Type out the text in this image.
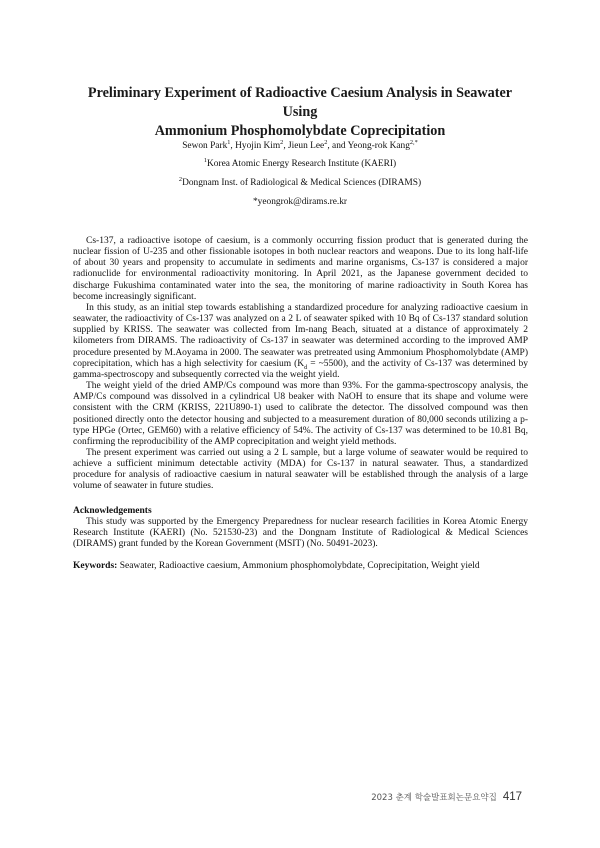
Preliminary Experiment of Radioactive Caesium Analysis in Seawater Using
Ammonium Phosphomolybdate Coprecipitation
Sewon Park$^1$, Hyojin Kim$^2$, Jieun Lee$^2$, and Yeong-rok Kang$^{2,*}$
$^1$Korea Atomic Energy Research Institute (KAERI)
$^2$Dongnam Inst. of Radiological & Medical Sciences (DIRAMS)
*yeongrok@dirams.re.kr

Cs-137, a radioactive isotope of caesium, is a commonly occurring fission product that is generated during the nuclear fission of U-235 and other fissionable isotopes in both nuclear reactors and weapons. Due to its long half-life of about 30 years and propensity to accumulate in sediments and marine organisms, Cs-137 is considered a major radionuclide for environmental radioactivity monitoring. In April 2021, as the Japanese government decided to discharge Fukushima contaminated water into the sea, the monitoring of marine radioactivity in South Korea has become increasingly significant.

In this study, as an initial step towards establishing a standardized procedure for analyzing radioactive caesium in seawater, the radioactivity of Cs-137 was analyzed on a 2 L of seawater spiked with 10 Bq of Cs-137 standard solution supplied by KRISS. The seawater was collected from Im-nang Beach, situated at a distance of approximately 2 kilometers from DIRAMS. The radioactivity of Cs-137 in seawater was determined according to the improved AMP procedure presented by M.Aoyama in 2000. The seawater was pretreated using Ammonium Phosphomolybdate (AMP) coprecipitation, which has a high selectivity for caesium ($K_d$ = ~5500), and the activity of Cs-137 was determined by gamma-spectroscopy and subsequently corrected via the weight yield.

The weight yield of the dried AMP/Cs compound was more than 93%. For the gamma-spectroscopy analysis, the AMP/Cs compound was dissolved in a cylindrical U8 beaker with NaOH to ensure that its shape and volume were consistent with the CRM (KRISS, 221U890-1) used to calibrate the detector. The dissolved compound was then positioned directly onto the detector housing and subjected to a measurement duration of 80,000 seconds utilizing a p-type HPGe (Ortec, GEM60) with a relative efficiency of 54%. The activity of Cs-137 was determined to be 10.81 Bq, confirming the reproducibility of the AMP coprecipitation and weight yield methods.

The present experiment was carried out using a 2 L sample, but a large volume of seawater would be required to achieve a sufficient minimum detectable activity (MDA) for Cs-137 in natural seawater. Thus, a standardized procedure for analysis of radioactive caesium in natural seawater will be established through the analysis of a large volume of seawater in future studies.

Acknowledgements

This study was supported by the Emergency Preparedness for nuclear research facilities in Korea Atomic Energy Research Institute (KAERI) (No. 521530-23) and the Dongnam Institute of Radiological & Medical Sciences (DIRAMS) grant funded by the Korean Government (MSIT) (No. 50491-2023).

Keywords: Seawater, Radioactive caesium, Ammonium phosphomolybdate, Coprecipitation, Weight yield

2023 춘계 학술발표회논문요약집 417
